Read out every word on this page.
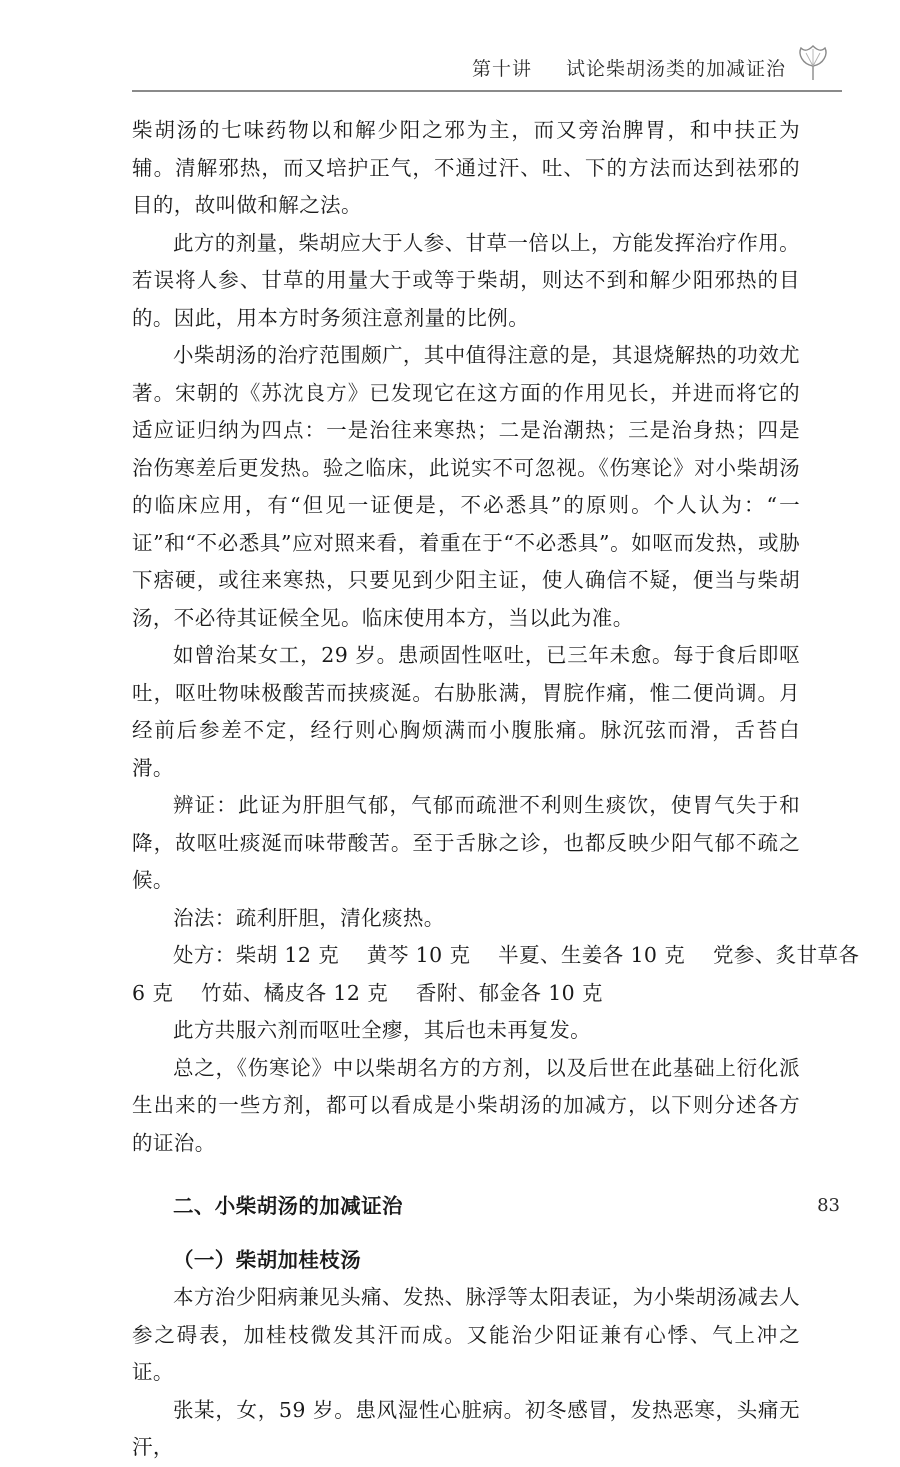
第十讲 试论柴胡汤类的加减证治

柴胡汤的七味药物以和解少阳之邪为主，而又旁治脾胃，和中扶正为辅。清解邪热，而又培护正气，不通过汗、吐、下的方法而达到祛邪的目的，故叫做和解之法。

此方的剂量，柴胡应大于人参、甘草一倍以上，方能发挥治疗作用。若误将人参、甘草的用量大于或等于柴胡，则达不到和解少阳邪热的目的。因此，用本方时务须注意剂量的比例。

小柴胡汤的治疗范围颇广，其中值得注意的是，其退烧解热的功效尤著。宋朝的《苏沈良方》已发现它在这方面的作用见长，并进而将它的适应证归纳为四点：一是治往来寒热；二是治潮热；三是治身热；四是治伤寒差后更发热。验之临床，此说实不可忽视。《伤寒论》对小柴胡汤的临床应用，有“但见一证便是，不必悉具”的原则。个人认为：“一证”和“不必悉具”应对照来看，着重在于“不必悉具”。如呕而发热，或胁下痞硬，或往来寒热，只要见到少阳主证，使人确信不疑，便当与柴胡汤，不必待其证候全见。临床使用本方，当以此为准。

如曾治某女工，29 岁。患顽固性呕吐，已三年未愈。每于食后即呕吐，呕吐物味极酸苦而挟痰涎。右胁胀满，胃脘作痛，惟二便尚调。月经前后参差不定，经行则心胸烦满而小腹胀痛。脉沉弦而滑，舌苔白滑。

辨证：此证为肝胆气郁，气郁而疏泄不利则生痰饮，使胃气失于和降，故呕吐痰涎而味带酸苦。至于舌脉之诊，也都反映少阳气郁不疏之候。

治法：疏利肝胆，清化痰热。

处方：柴胡 12 克　 黄芩 10 克　 半夏、生姜各 10 克　 党参、炙甘草各

6 克　 竹茹、橘皮各 12 克　 香附、郁金各 10 克

此方共服六剂而呕吐全瘳，其后也未再复发。

总之，《伤寒论》中以柴胡名方的方剂，以及后世在此基础上衍化派生出来的一些方剂，都可以看成是小柴胡汤的加减方，以下则分述各方的证治。

二、小柴胡汤的加减证治
（一）柴胡加桂枝汤

本方治少阳病兼见头痛、发热、脉浮等太阳表证，为小柴胡汤减去人参之碍表，加桂枝微发其汗而成。又能治少阳证兼有心悸、气上冲之证。

张某，女，59 岁。患风湿性心脏病。初冬感冒，发热恶寒，头痛无汗，

83
